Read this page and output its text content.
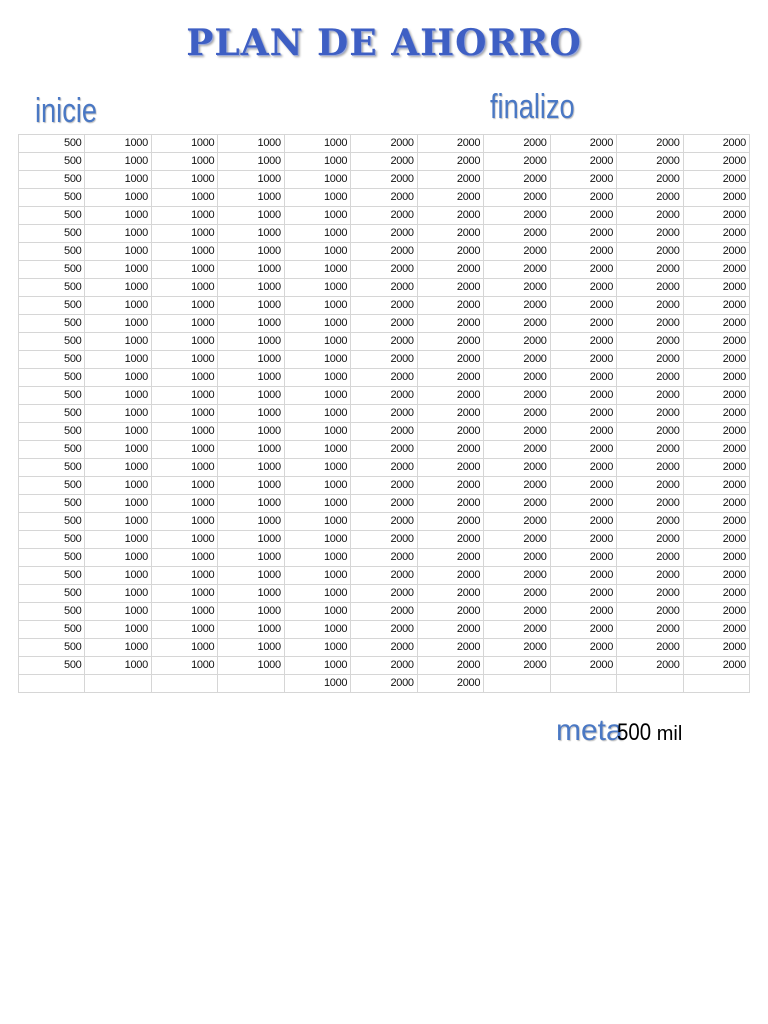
PLAN DE AHORRO
inicie	finalizo
500	1000	1000	1000	1000	2000	2000	2000	2000	2000	2000
500	1000	1000	1000	1000	2000	2000	2000	2000	2000	2000
500	1000	1000	1000	1000	2000	2000	2000	2000	2000	2000
500	1000	1000	1000	1000	2000	2000	2000	2000	2000	2000
500	1000	1000	1000	1000	2000	2000	2000	2000	2000	2000
500	1000	1000	1000	1000	2000	2000	2000	2000	2000	2000
500	1000	1000	1000	1000	2000	2000	2000	2000	2000	2000
500	1000	1000	1000	1000	2000	2000	2000	2000	2000	2000
500	1000	1000	1000	1000	2000	2000	2000	2000	2000	2000
500	1000	1000	1000	1000	2000	2000	2000	2000	2000	2000
500	1000	1000	1000	1000	2000	2000	2000	2000	2000	2000
500	1000	1000	1000	1000	2000	2000	2000	2000	2000	2000
500	1000	1000	1000	1000	2000	2000	2000	2000	2000	2000
500	1000	1000	1000	1000	2000	2000	2000	2000	2000	2000
500	1000	1000	1000	1000	2000	2000	2000	2000	2000	2000
500	1000	1000	1000	1000	2000	2000	2000	2000	2000	2000
500	1000	1000	1000	1000	2000	2000	2000	2000	2000	2000
500	1000	1000	1000	1000	2000	2000	2000	2000	2000	2000
500	1000	1000	1000	1000	2000	2000	2000	2000	2000	2000
500	1000	1000	1000	1000	2000	2000	2000	2000	2000	2000
500	1000	1000	1000	1000	2000	2000	2000	2000	2000	2000
500	1000	1000	1000	1000	2000	2000	2000	2000	2000	2000
500	1000	1000	1000	1000	2000	2000	2000	2000	2000	2000
500	1000	1000	1000	1000	2000	2000	2000	2000	2000	2000
500	1000	1000	1000	1000	2000	2000	2000	2000	2000	2000
500	1000	1000	1000	1000	2000	2000	2000	2000	2000	2000
500	1000	1000	1000	1000	2000	2000	2000	2000	2000	2000
500	1000	1000	1000	1000	2000	2000	2000	2000	2000	2000
500	1000	1000	1000	1000	2000	2000	2000	2000	2000	2000
500	1000	1000	1000	1000	2000	2000	2000	2000	2000	2000
				1000	2000	2000				
meta500 mil
